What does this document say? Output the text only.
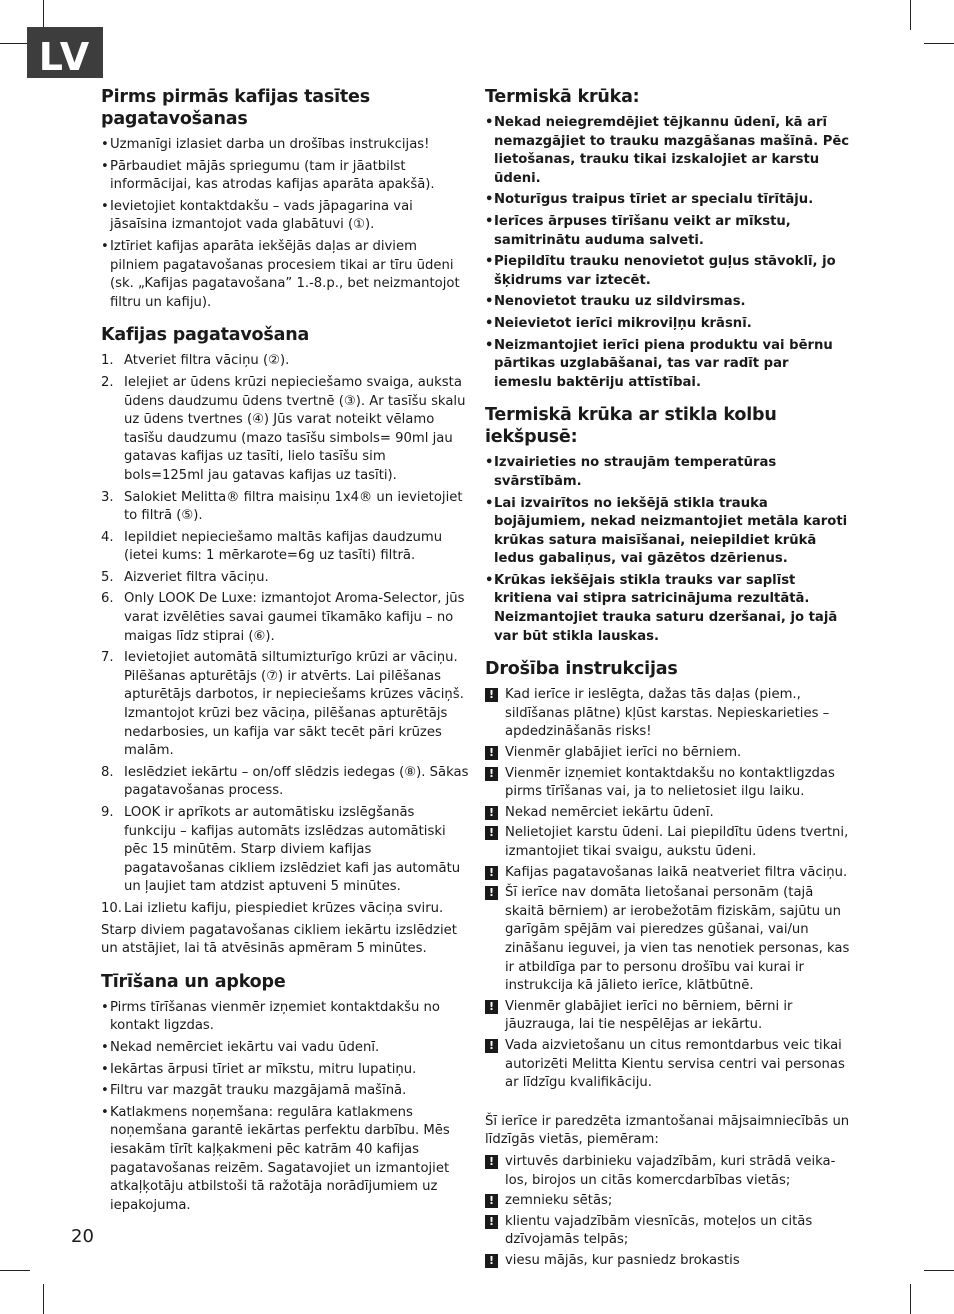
LV
20
Pirms pirmās kafijas tasītes pagatavošanas
• Uzmanīgi izlasiet darba un drošības instrukcijas!
• Pārbaudiet mājās spriegumu (tam ir jāatbilst informācijai, kas atrodas kafijas aparāta apakšā).
• Ievietojiet kontaktdakšu – vads jāpagarina vai jāsaīsina izmantojot vada glabātuvi (①).
• Iztīriet kafijas aparāta iekšējās daļas ar diviem pilniem pagatavošanas procesiem tikai ar tīru ūdeni (sk. „Kafijas pagatavošana” 1.-8.p., bet neizmantojot filtru un kafiju).
Kafijas pagatavošana
1. Atveriet filtra vāciņu (②).
2. Ielejiet ar ūdens krūzi nepieciešamo svaiga, auksta ūdens daudzumu ūdens tvertnē (③). Ar tasīšu skalu uz ūdens tvertnes (④) Jūs varat noteikt vēlamo tasīšu daudzumu (mazo tasīšu simbols= 90ml jau gatavas kafijas uz tasīti, lielo tasīšu sim bols=125ml jau gatavas kafijas uz tasīti).
3. Salokiet Melitta® filtra maisiņu 1x4® un ievietojiet to filtrā (⑤).
4. Iepildiet nepieciešamo maltās kafijas daudzumu (ietei kums: 1 mērkarote=6g uz tasīti) filtrā.
5. Aizveriet filtra vāciņu.
6. Only LOOK De Luxe: izmantojot Aroma-Selector, jūs varat izvēlēties savai gaumei tīkamāko kafiju – no maigas līdz stiprai (⑥).
7. Ievietojiet automātā siltumizturīgo krūzi ar vāciņu. Pilēšanas apturētājs (⑦) ir atvērts. Lai pilēšanas apturētājs darbotos, ir nepieciešams krūzes vāciņš. Izmantojot krūzi bez vāciņa, pilēšanas apturētājs nedarbosies, un kafija var sākt tecēt pāri krūzes malām.
8. Ieslēdziet iekārtu – on/off slēdzis iedegas (⑧). Sākas pagatavošanas process.
9. LOOK ir aprīkots ar automātisku izslēgšanās funkciju – kafijas automāts izslēdzas automātiski pēc 15 minūtēm. Starp diviem kafijas pagatavošanas cikliem izslēdziet kafi jas automātu un ļaujiet tam atdzist aptuveni 5 minūtes.
10. Lai izlietu kafiju, piespiediet krūzes vāciņa sviru.

Starp diviem pagatavošanas cikliem iekārtu izslēdziet un atstājiet, lai tā atvēsinās apmēram 5 minūtes.

Tīrīšana un apkope
• Pirms tīrīšanas vienmēr izņemiet kontaktdakšu no kontakt ligzdas.
• Nekad nemērciet iekārtu vai vadu ūdenī.
• Iekārtas ārpusi tīriet ar mīkstu, mitru lupatiņu.
• Filtru var mazgāt trauku mazgājamā mašīnā.
• Katlakmens noņemšana: regulāra katlakmens noņemšana garantē iekārtas perfektu darbību. Mēs iesakām tīrīt kaļķakmeni pēc katrām 40 kafijas pagatavošanas reizēm. Sagatavojiet un izmantojiet atkaļķotāju atbilstoši tā ražotāja norādījumiem uz iepakojuma.
Termiskā krūka:
• Nekad neiegremdējiet tējkannu ūdenī, kā arī nemazgājiet to trauku mazgāšanas mašīnā. Pēc lietošanas, trauku tikai izskalojiet ar karstu ūdeni.
• Noturīgus traipus tīriet ar specialu tīrītāju.
• Ierīces ārpuses tīrīšanu veikt ar mīkstu, samitrinātu auduma salveti.
• Piepildītu trauku nenovietot guļus stāvoklī, jo šķidrums var iztecēt.
• Nenovietot trauku uz sildvirsmas.
• Neievietot ierīci mikroviļņu krāsnī.
• Neizmantojiet ierīci piena produktu vai bērnu pārtikas uzglabāšanai, tas var radīt par iemeslu baktēriju attīstībai.
Termiskā krūka ar stikla kolbu iekšpusē:
• Izvairieties no straujām temperatūras svārstībām.
• Lai izvairītos no iekšējā stikla trauka bojājumiem, nekad neizmantojiet metāla karoti krūkas satura maisīšanai, neiepildiet krūkā ledus gabaliņus, vai gāzētos dzērienus.
• Krūkas iekšējais stikla trauks var saplīst kritiena vai stipra satricinājuma rezultātā. Neizmantojiet trauka saturu dzeršanai, jo tajā var būt stikla lauskas.
Drošība instrukcijas
! Kad ierīce ir ieslēgta, dažas tās daļas (piem., sildīšanas plātne) kļūst karstas. Nepieskarieties – apdedzināšanās risks!
! Vienmēr glabājiet ierīci no bērniem.
! Vienmēr izņemiet kontaktdakšu no kontaktligzdas pirms tīrīšanas vai, ja to nelietosiet ilgu laiku.
! Nekad nemērciet iekārtu ūdenī.
! Nelietojiet karstu ūdeni. Lai piepildītu ūdens tvertni, izmantojiet tikai svaigu, aukstu ūdeni.
! Kafijas pagatavošanas laikā neatveriet filtra vāciņu.
! Šī ierīce nav domāta lietošanai personām (tajā skaitā bērniem) ar ierobežotām fiziskām, sajūtu un garīgām spējām vai pieredzes gūšanai, vai/un zināšanu ieguvei, ja vien tas nenotiek personas, kas ir atbildīga par to personu drošību vai kurai ir instrukcija kā jālieto ierīce, klātbūtnē.
! Vienmēr glabājiet ierīci no bērniem, bērni ir jāuzrauga, lai tie nespēlējas ar iekārtu.
! Vada aizvietošanu un citus remontdarbus veic tikai autorizēti Melitta Kientu servisa centri vai personas ar līdzīgu kvalifikāciju.

Šī ierīce ir paredzēta izmantošanai mājsaimniecībās un līdzīgās vietās, piemēram:

! virtuvēs darbinieku vajadzībām, kuri strādā veika-los, birojos un citās komercdarbības vietās;
! zemnieku sētās;
! klientu vajadzībām viesnīcās, moteļos un citās dzīvojamās telpās;
! viesu mājās, kur pasniedz brokastis
